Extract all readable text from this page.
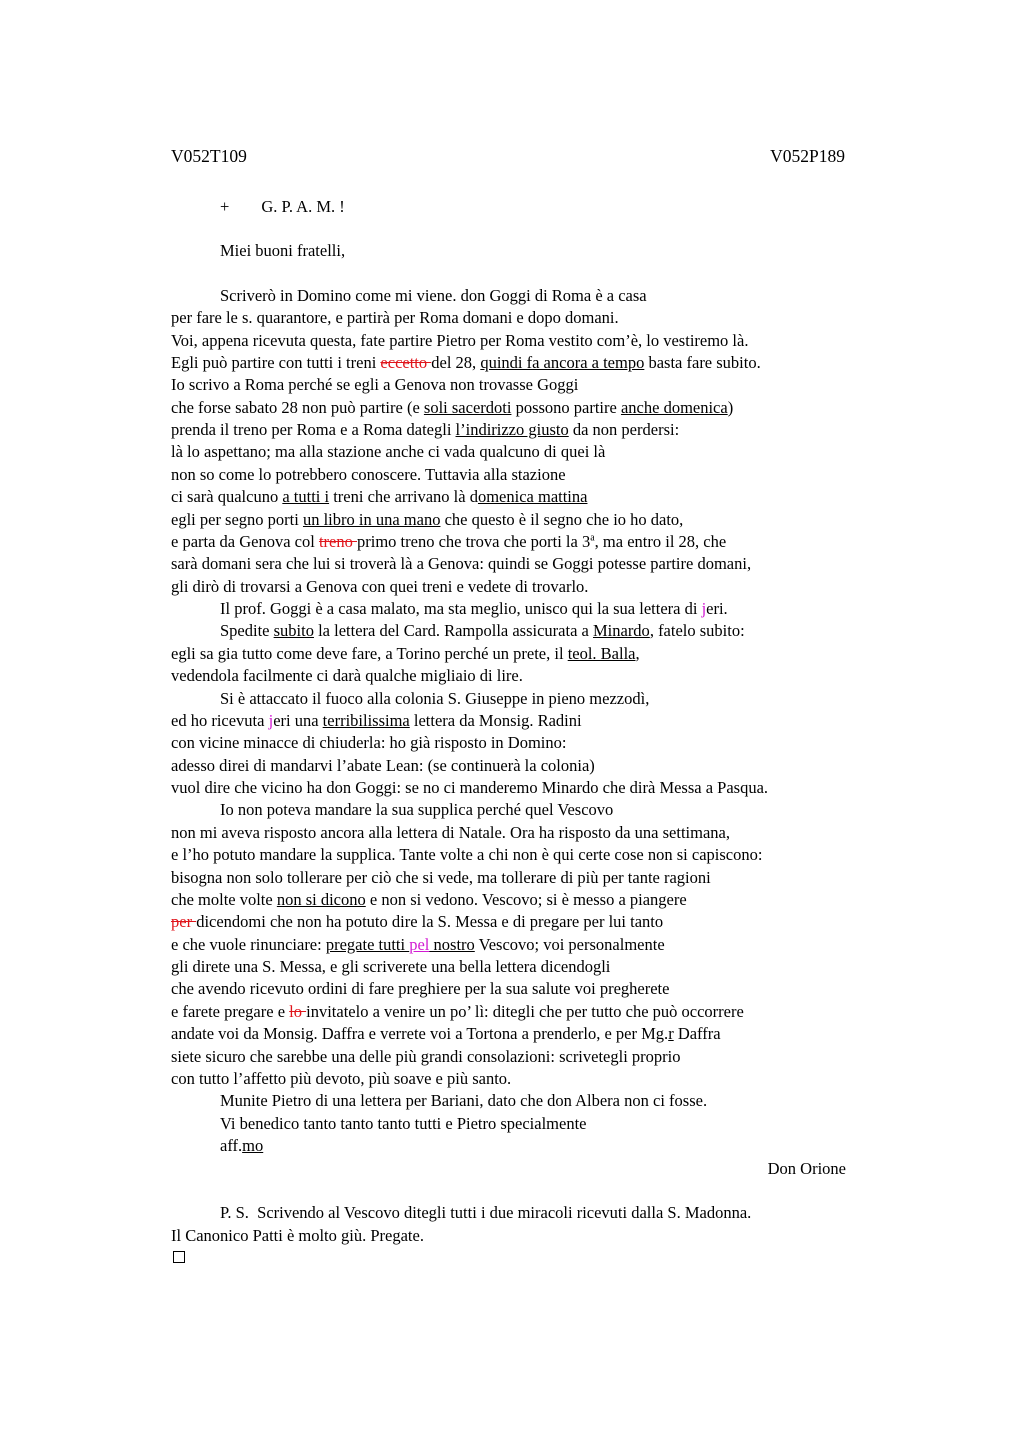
V052T109	V052P189
+ G. P. A. M. !
Miei buoni fratelli,
Scriverò in Domino come mi viene. don Goggi di Roma è a casa
per fare le s. quarantore, e partirà per Roma domani e dopo domani.
Voi, appena ricevuta questa, fate partire Pietro per Roma vestito com’è, lo vestiremo là.
Egli può partire con tutti i treni eccetto del 28, quindi fa ancora a tempo basta fare subito.
Io scrivo a Roma perché se egli a Genova non trovasse Goggi
che forse sabato 28 non può partire (e soli sacerdoti possono partire anche domenica)
prenda il treno per Roma e a Roma dategli l’indirizzo giusto da non perdersi:
là lo aspettano; ma alla stazione anche ci vada qualcuno di quei là
non so come lo potrebbero conoscere. Tuttavia alla stazione
ci sarà qualcuno a tutti i treni che arrivano là domenica mattina
egli per segno porti un libro in una mano che questo è il segno che io ho dato,
e parta da Genova col treno primo treno che trova che porti la 3$^a$, ma entro il 28, che
sarà domani sera che lui si troverà là a Genova: quindi se Goggi potesse partire domani,
gli dirò di trovarsi a Genova con quei treni e vedete di trovarlo.
Il prof. Goggi è a casa malato, ma sta meglio, unisco qui la sua lettera di jeri.
Spedite subito la lettera del Card. Rampolla assicurata a Minardo, fatelo subito:
egli sa gia tutto come deve fare, a Torino perché un prete, il teol. Balla,
vedendola facilmente ci darà qualche migliaio di lire.
Si è attaccato il fuoco alla colonia S. Giuseppe in pieno mezzodì,
ed ho ricevuta jeri una terribilissima lettera da Monsig. Radini
con vicine minacce di chiuderla: ho già risposto in Domino:
adesso direi di mandarvi l’abate Lean: (se continuerà la colonia)
vuol dire che vicino ha don Goggi: se no ci manderemo Minardo che dirà Messa a Pasqua.
Io non poteva mandare la sua supplica perché quel Vescovo
non mi aveva risposto ancora alla lettera di Natale. Ora ha risposto da una settimana,
e l’ho potuto mandare la supplica. Tante volte a chi non è qui certe cose non si capiscono:
bisogna non solo tollerare per ciò che si vede, ma tollerare di più per tante ragioni
che molte volte non si dicono e non si vedono. Vescovo; si è messo a piangere
per dicendomi che non ha potuto dire la S. Messa e di pregare per lui tanto
e che vuole rinunciare: pregate tutti pel nostro Vescovo; voi personalmente
gli direte una S. Messa, e gli scriverete una bella lettera dicendogli
che avendo ricevuto ordini di fare preghiere per la sua salute voi pregherete
e farete pregare e lo invitatelo a venire un po’ lì: ditegli che per tutto che può occorrere
andate voi da Monsig. Daffra e verrete voi a Tortona a prenderlo, e per Mg.r Daffra
siete sicuro che sarebbe una delle più grandi consolazioni: scrivetegli proprio
con tutto l’affetto più devoto, più soave e più santo.
Munite Pietro di una lettera per Bariani, dato che don Albera non ci fosse.
Vi benedico tanto tanto tanto tutti e Pietro specialmente
aff.mo
Don Orione
P. S.  Scrivendo al Vescovo ditegli tutti i due miracoli ricevuti dalla S. Madonna.
Il Canonico Patti è molto giù. Pregate.
